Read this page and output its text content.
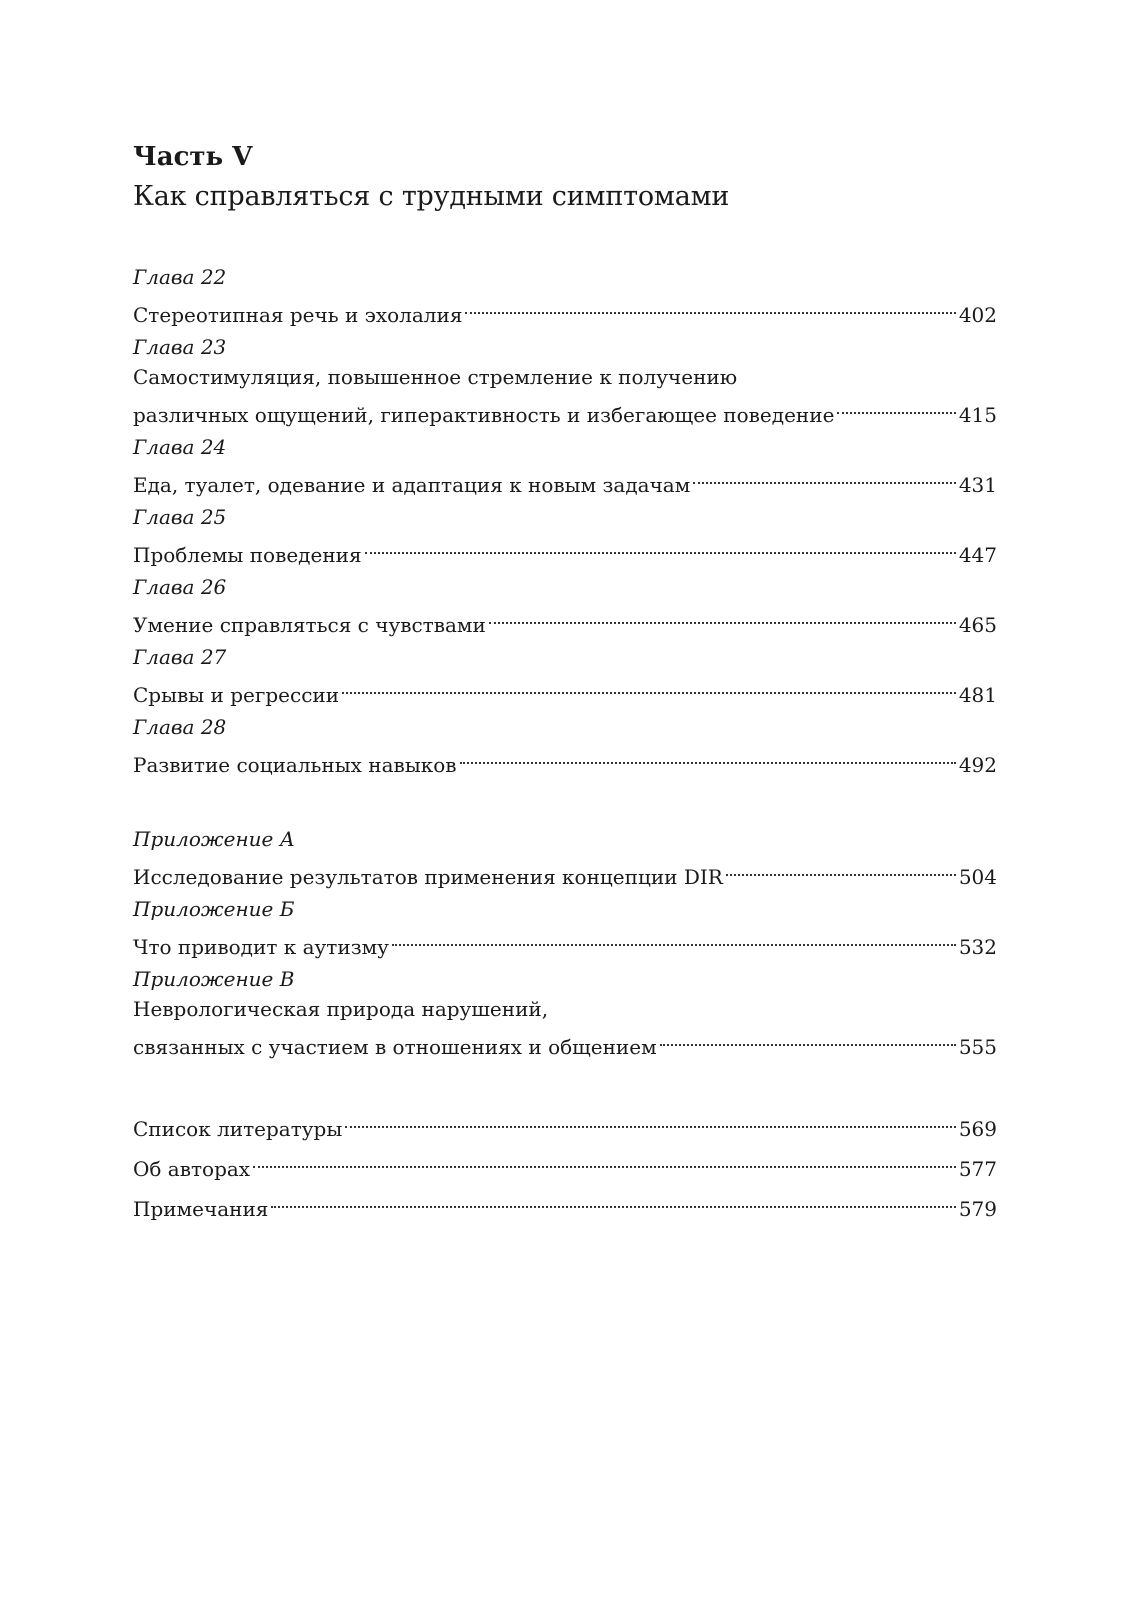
Часть V
Как справляться с трудными симптомами
Глава 22
Стереотипная речь и эхолалия	402
Глава 23
Самостимуляция, повышенное стремление к получению
различных ощущений, гиперактивность и избегающее поведение	415
Глава 24
Еда, туалет, одевание и адаптация к новым задачам	431
Глава 25
Проблемы поведения	447
Глава 26
Умение справляться с чувствами	465
Глава 27
Срывы и регрессии	481
Глава 28
Развитие социальных навыков	492
Приложение А
Исследование результатов применения концепции DIR	504
Приложение Б
Что приводит к аутизму	532
Приложение В
Неврологическая природа нарушений,
связанных с участием в отношениях и общением	555
Список литературы	569
Об авторах	577
Примечания	579
